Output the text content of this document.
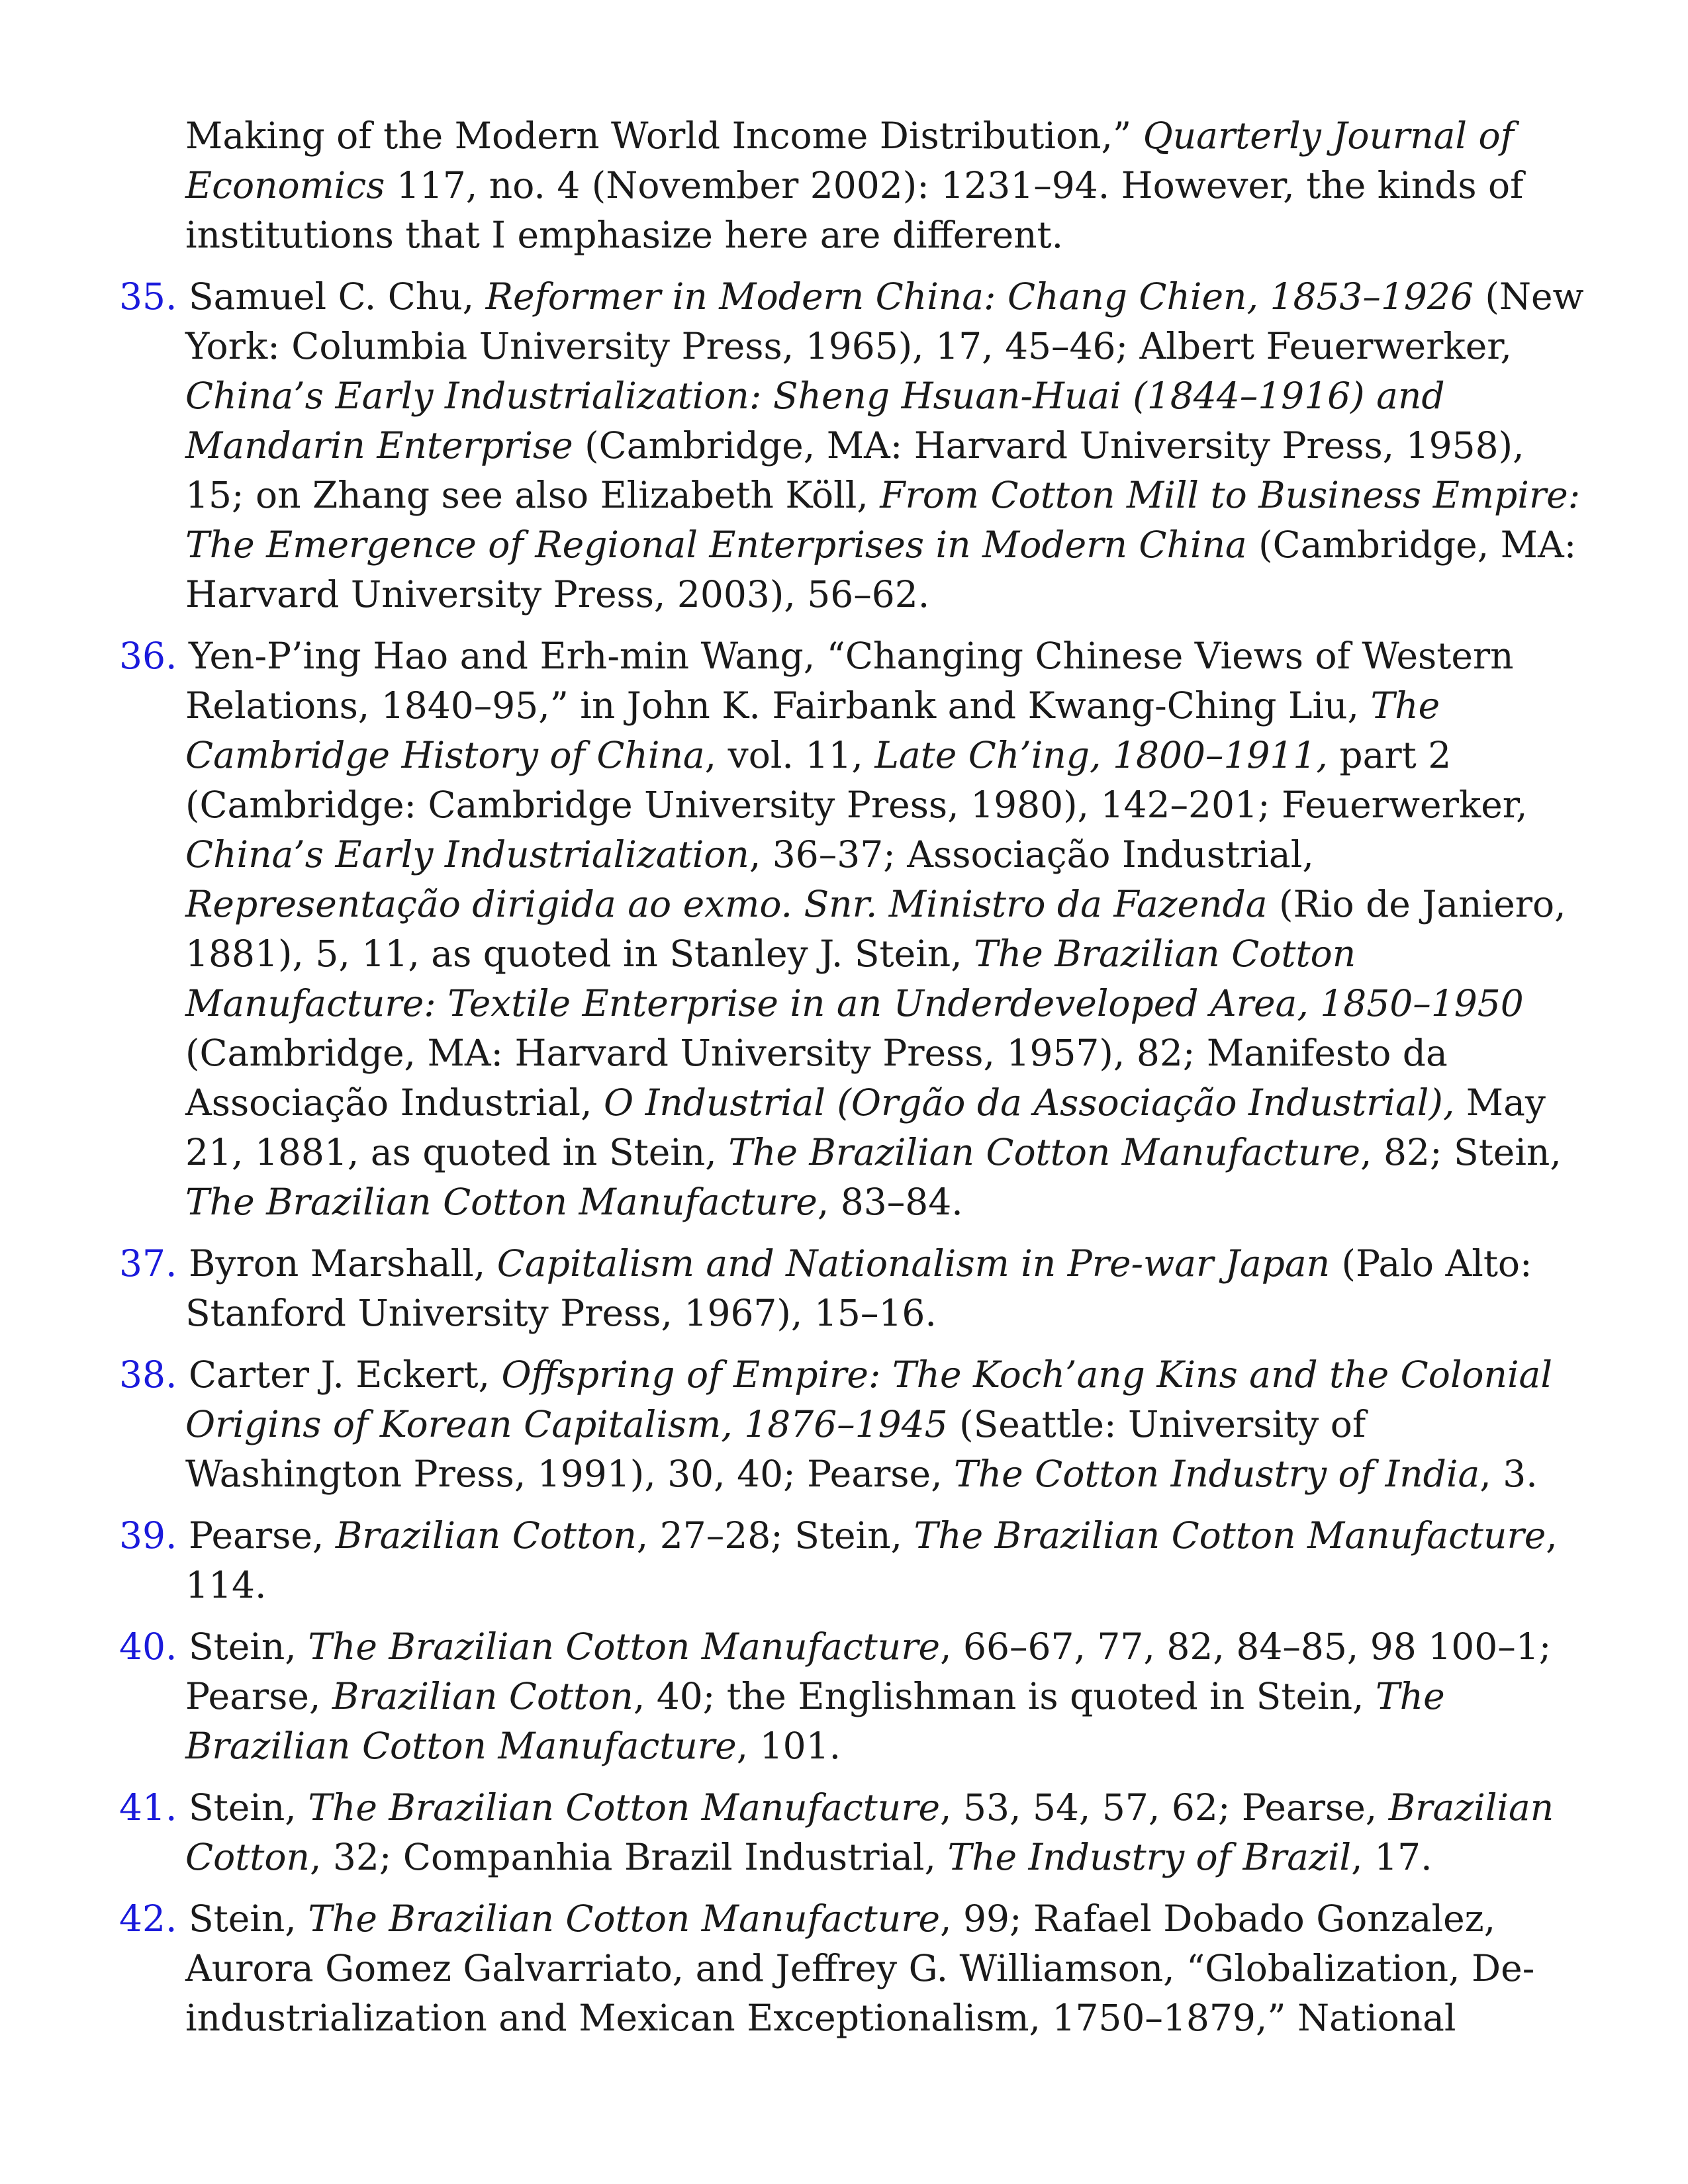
Making of the Modern World Income Distribution,” Quarterly Journal of Economics 117, no. 4 (November 2002): 1231–94. However, the kinds of institutions that I emphasize here are different.

35. Samuel C. Chu, Reformer in Modern China: Chang Chien, 1853–1926 (New York: Columbia University Press, 1965), 17, 45–46; Albert Feuerwerker, China’s Early Industrialization: Sheng Hsuan-Huai (1844–1916) and Mandarin Enterprise (Cambridge, MA: Harvard University Press, 1958), 15; on Zhang see also Elizabeth Köll, From Cotton Mill to Business Empire: The Emergence of Regional Enterprises in Modern China (Cambridge, MA: Harvard University Press, 2003), 56–62.

36. Yen-P’ing Hao and Erh-min Wang, “Changing Chinese Views of Western Relations, 1840–95,” in John K. Fairbank and Kwang-Ching Liu, The Cambridge History of China, vol. 11, Late Ch’ing, 1800–1911, part 2 (Cambridge: Cambridge University Press, 1980), 142–201; Feuerwerker, China’s Early Industrialization, 36–37; Associação Industrial, Representação dirigida ao exmo. Snr. Ministro da Fazenda (Rio de Janiero, 1881), 5, 11, as quoted in Stanley J. Stein, The Brazilian Cotton Manufacture: Textile Enterprise in an Underdeveloped Area, 1850–1950 (Cambridge, MA: Harvard University Press, 1957), 82; Manifesto da Associação Industrial, O Industrial (Orgão da Associação Industrial), May 21, 1881, as quoted in Stein, The Brazilian Cotton Manufacture, 82; Stein, The Brazilian Cotton Manufacture, 83–84.

37. Byron Marshall, Capitalism and Nationalism in Pre-war Japan (Palo Alto: Stanford University Press, 1967), 15–16.

38. Carter J. Eckert, Offspring of Empire: The Koch’ang Kins and the Colonial Origins of Korean Capitalism, 1876–1945 (Seattle: University of Washington Press, 1991), 30, 40; Pearse, The Cotton Industry of India, 3.

39. Pearse, Brazilian Cotton, 27–28; Stein, The Brazilian Cotton Manufacture, 114.

40. Stein, The Brazilian Cotton Manufacture, 66–67, 77, 82, 84–85, 98 100–1; Pearse, Brazilian Cotton, 40; the Englishman is quoted in Stein, The Brazilian Cotton Manufacture, 101.

41. Stein, The Brazilian Cotton Manufacture, 53, 54, 57, 62; Pearse, Brazilian Cotton, 32; Companhia Brazil Industrial, The Industry of Brazil, 17.

42. Stein, The Brazilian Cotton Manufacture, 99; Rafael Dobado Gonzalez, Aurora Gomez Galvarriato, and Jeffrey G. Williamson, “Globalization, De-industrialization and Mexican Exceptionalism, 1750–1879,” National
